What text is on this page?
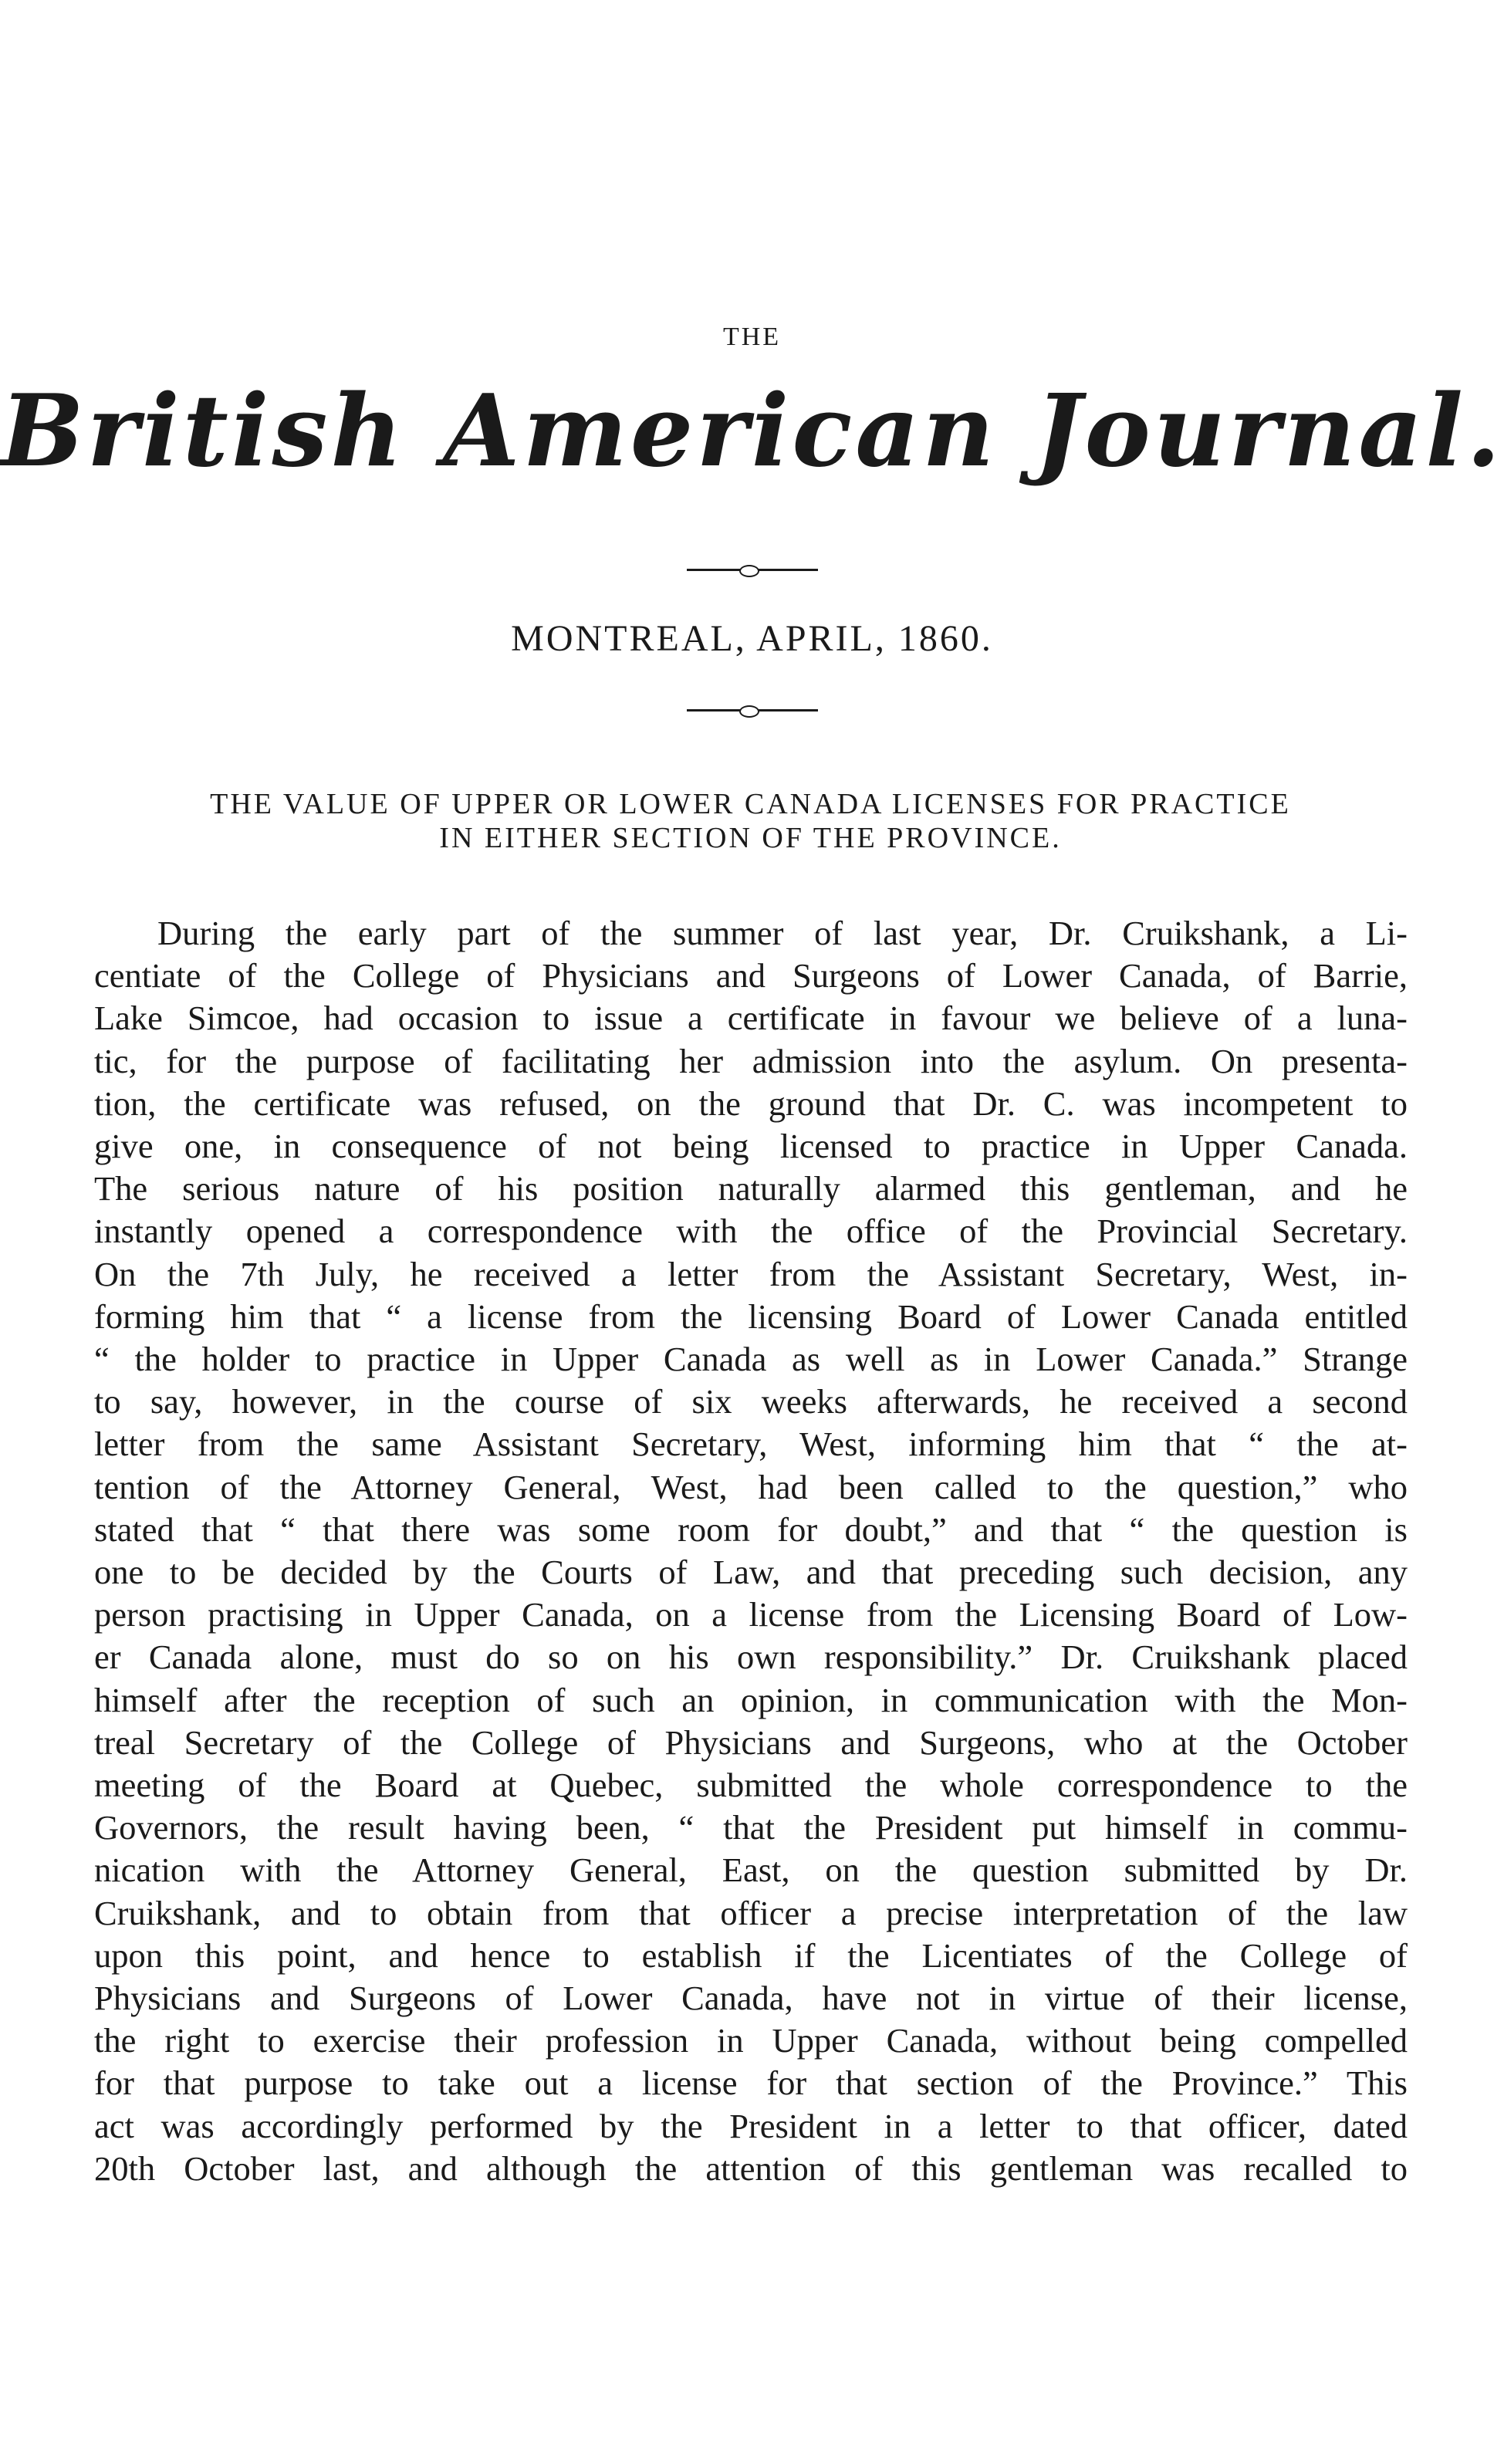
THE
British American Journal.
MONTREAL, APRIL, 1860.
THE VALUE OF UPPER OR LOWER CANADA LICENSES FOR PRACTICE
IN EITHER SECTION OF THE PROVINCE.
During the early part of the summer of last year, Dr. Cruikshank, a Li-
centiate of the College of Physicians and Surgeons of Lower Canada, of Barrie,
Lake Simcoe, had occasion to issue a certificate in favour we believe of a luna-
tic, for the purpose of facilitating her admission into the asylum. On presenta-
tion, the certificate was refused, on the ground that Dr. C. was incompetent to
give one, in consequence of not being licensed to practice in Upper Canada.
The serious nature of his position naturally alarmed this gentleman, and he
instantly opened a correspondence with the office of the Provincial Secretary.
On the 7th July, he received a letter from the Assistant Secretary, West, in-
forming him that “ a license from the licensing Board of Lower Canada entitled
“ the holder to practice in Upper Canada as well as in Lower Canada.” Strange
to say, however, in the course of six weeks afterwards, he received a second
letter from the same Assistant Secretary, West, informing him that “ the at-
tention of the Attorney General, West, had been called to the question,” who
stated that “ that there was some room for doubt,” and that “ the question is
one to be decided by the Courts of Law, and that preceding such decision, any
person practising in Upper Canada, on a license from the Licensing Board of Low-
er Canada alone, must do so on his own responsibility.” Dr. Cruikshank placed
himself after the reception of such an opinion, in communication with the Mon-
treal Secretary of the College of Physicians and Surgeons, who at the October
meeting of the Board at Quebec, submitted the whole correspondence to the
Governors, the result having been, “ that the President put himself in commu-
nication with the Attorney General, East, on the question submitted by Dr.
Cruikshank, and to obtain from that officer a precise interpretation of the law
upon this point, and hence to establish if the Licentiates of the College of
Physicians and Surgeons of Lower Canada, have not in virtue of their license,
the right to exercise their profession in Upper Canada, without being compelled
for that purpose to take out a license for that section of the Province.” This
act was accordingly performed by the President in a letter to that officer, dated
20th October last, and although the attention of this gentleman was recalled to
